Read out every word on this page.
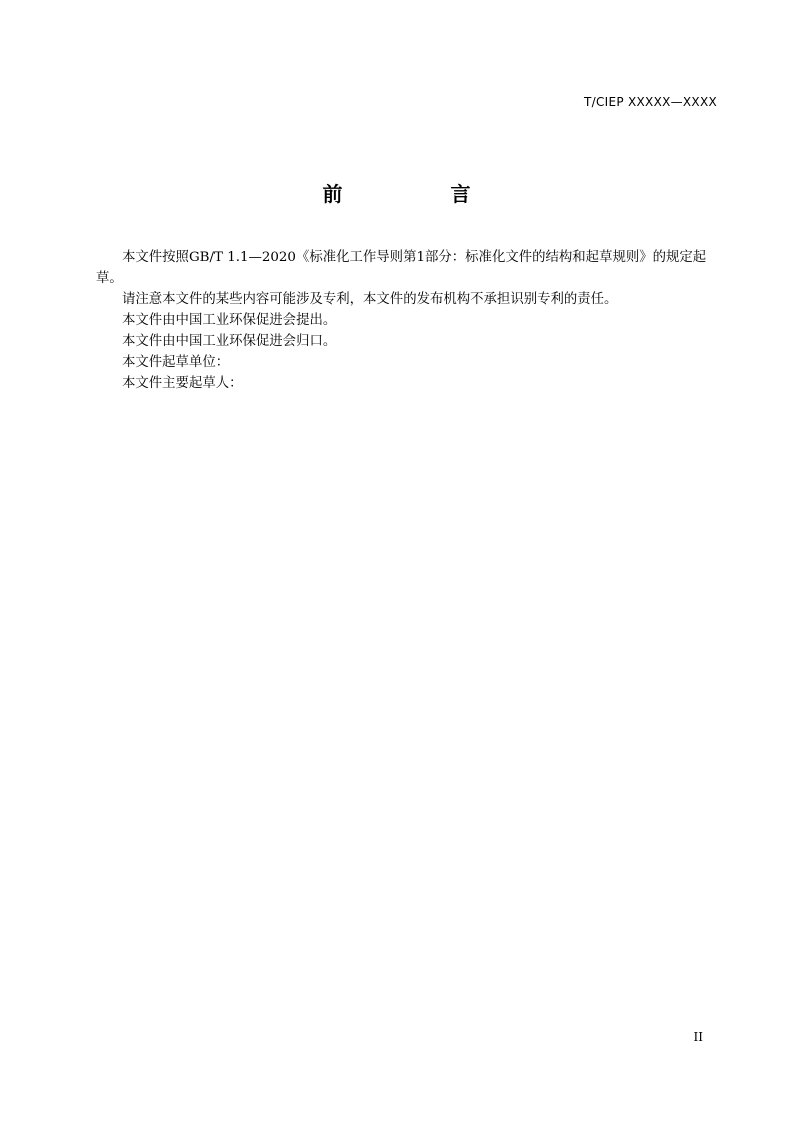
T/CIEP XXXXX—XXXX
前　言

本文件按照GB/T 1.1—2020《标准化工作导则第1部分：标准化文件的结构和起草规则》的规定起草。

请注意本文件的某些内容可能涉及专利，本文件的发布机构不承担识别专利的责任。

本文件由中国工业环保促进会提出。

本文件由中国工业环保促进会归口。

本文件起草单位：

本文件主要起草人：

II
